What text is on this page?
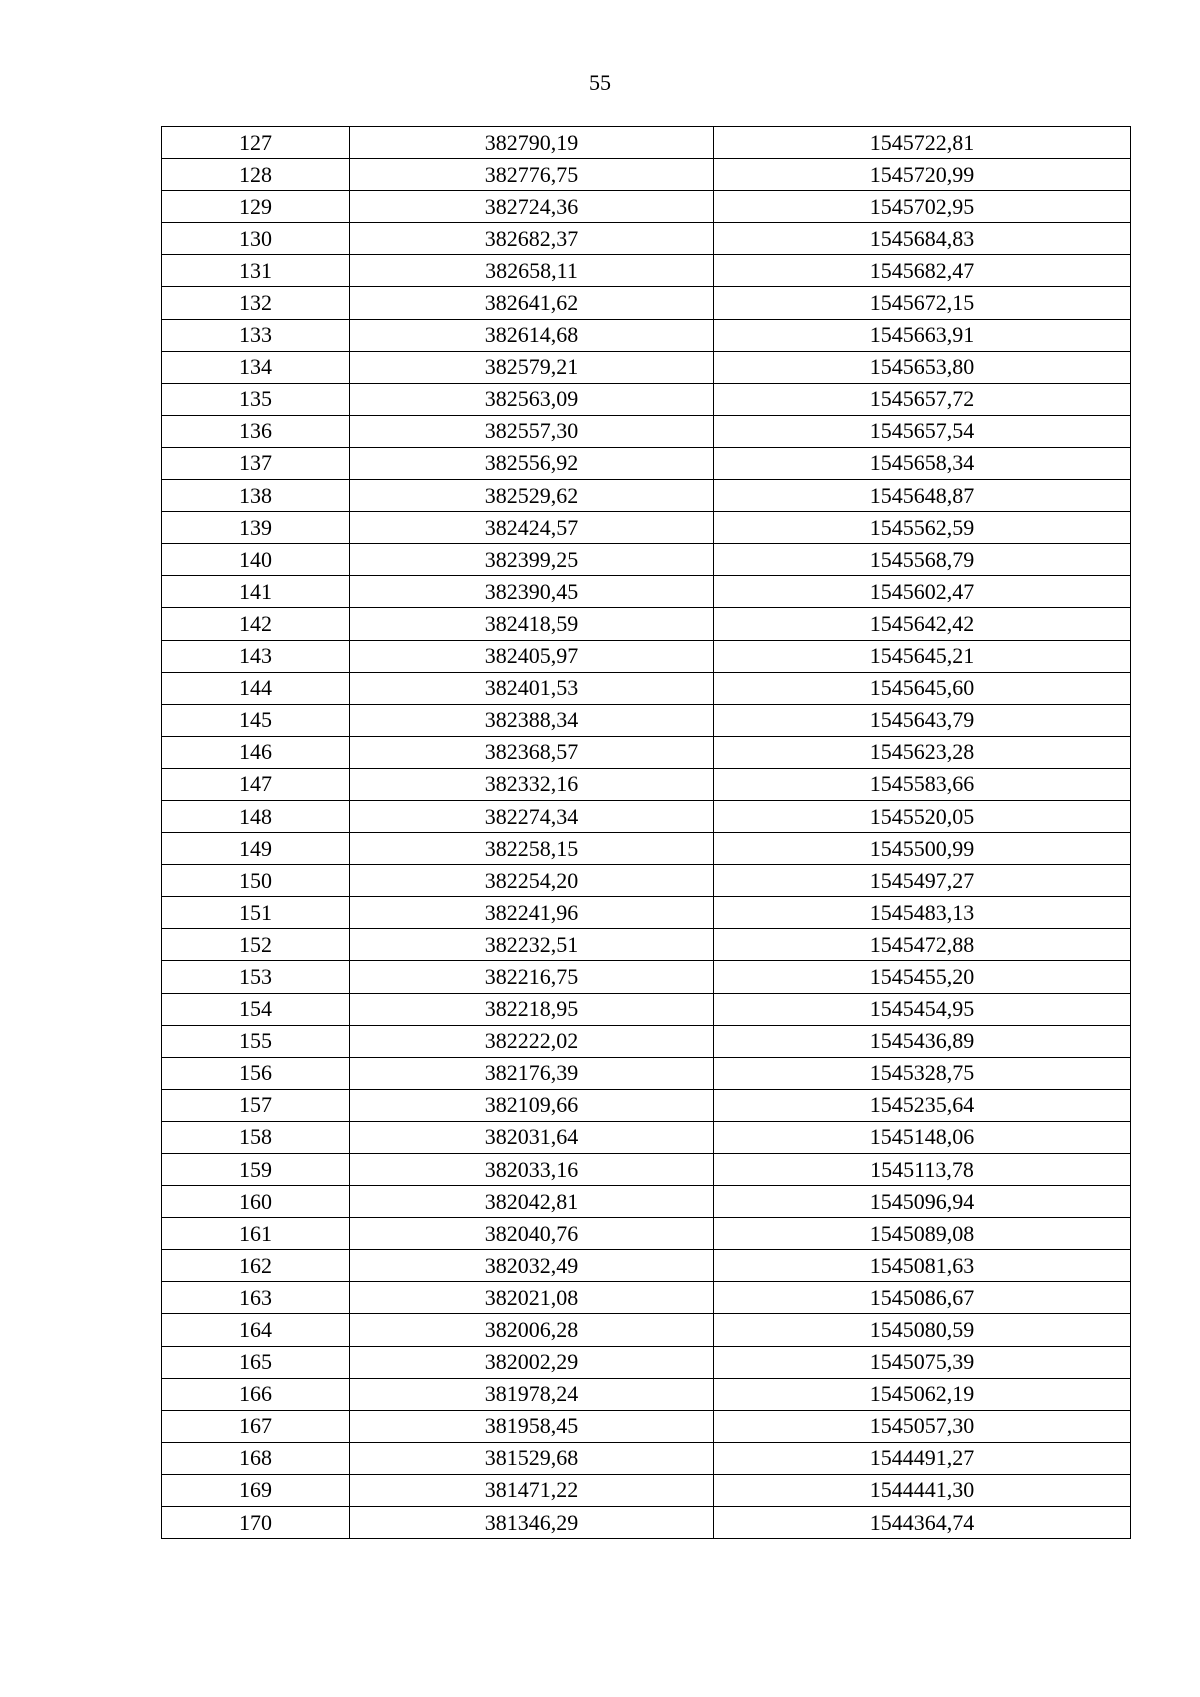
55
127	382790,19	1545722,81
128	382776,75	1545720,99
129	382724,36	1545702,95
130	382682,37	1545684,83
131	382658,11	1545682,47
132	382641,62	1545672,15
133	382614,68	1545663,91
134	382579,21	1545653,80
135	382563,09	1545657,72
136	382557,30	1545657,54
137	382556,92	1545658,34
138	382529,62	1545648,87
139	382424,57	1545562,59
140	382399,25	1545568,79
141	382390,45	1545602,47
142	382418,59	1545642,42
143	382405,97	1545645,21
144	382401,53	1545645,60
145	382388,34	1545643,79
146	382368,57	1545623,28
147	382332,16	1545583,66
148	382274,34	1545520,05
149	382258,15	1545500,99
150	382254,20	1545497,27
151	382241,96	1545483,13
152	382232,51	1545472,88
153	382216,75	1545455,20
154	382218,95	1545454,95
155	382222,02	1545436,89
156	382176,39	1545328,75
157	382109,66	1545235,64
158	382031,64	1545148,06
159	382033,16	1545113,78
160	382042,81	1545096,94
161	382040,76	1545089,08
162	382032,49	1545081,63
163	382021,08	1545086,67
164	382006,28	1545080,59
165	382002,29	1545075,39
166	381978,24	1545062,19
167	381958,45	1545057,30
168	381529,68	1544491,27
169	381471,22	1544441,30
170	381346,29	1544364,74
